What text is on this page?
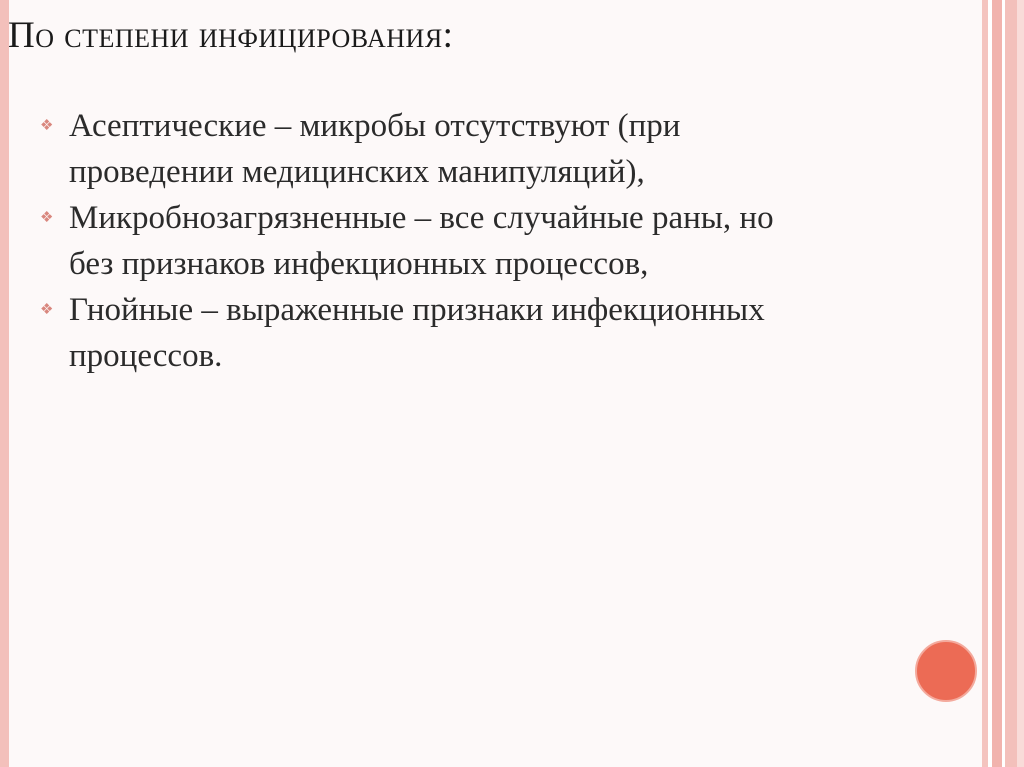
По степени инфицирования:
❖ Асептические – микробы отсутствуют (при проведении медицинских манипуляций),
❖ Микробнозагрязненные – все случайные раны, но без признаков инфекционных процессов,
❖ Гнойные – выраженные признаки инфекционных процессов.
